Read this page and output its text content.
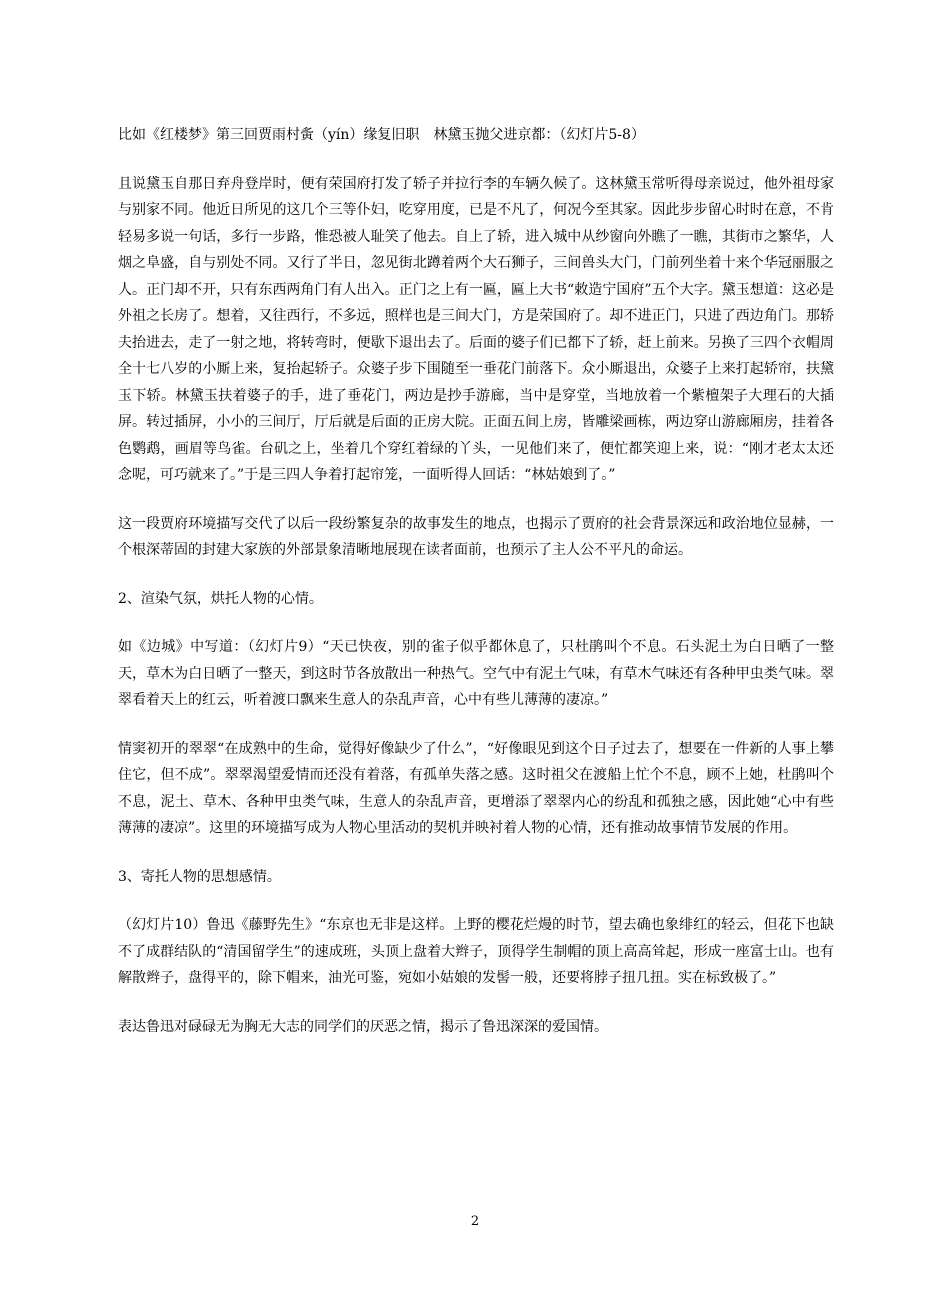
比如《红楼梦》第三回贾雨村夤（yín）缘复旧职　林黛玉抛父进京都：（幻灯片5-8）

且说黛玉自那日弃舟登岸时，便有荣国府打发了轿子并拉行李的车辆久候了。这林黛玉常听得母亲说过，他外祖母家与别家不同。他近日所见的这几个三等仆妇，吃穿用度，已是不凡了，何况今至其家。因此步步留心时时在意，不肯轻易多说一句话，多行一步路，惟恐被人耻笑了他去。自上了轿，进入城中从纱窗向外瞧了一瞧，其街市之繁华，人烟之阜盛，自与别处不同。又行了半日，忽见街北蹲着两个大石狮子，三间兽头大门，门前列坐着十来个华冠丽服之人。正门却不开，只有东西两角门有人出入。正门之上有一匾，匾上大书“敕造宁国府”五个大字。黛玉想道：这必是外祖之长房了。想着，又往西行，不多远，照样也是三间大门，方是荣国府了。却不进正门，只进了西边角门。那轿夫抬进去，走了一射之地，将转弯时，便歇下退出去了。后面的婆子们已都下了轿，赶上前来。另换了三四个衣帽周全十七八岁的小厮上来，复抬起轿子。众婆子步下围随至一垂花门前落下。众小厮退出，众婆子上来打起轿帘，扶黛玉下轿。林黛玉扶着婆子的手，进了垂花门，两边是抄手游廊，当中是穿堂，当地放着一个紫檀架子大理石的大插屏。转过插屏，小小的三间厅，厅后就是后面的正房大院。正面五间上房，皆雕梁画栋，两边穿山游廊厢房，挂着各色鹦鹉，画眉等鸟雀。台矶之上，坐着几个穿红着绿的丫头，一见他们来了，便忙都笑迎上来，说：“刚才老太太还念呢，可巧就来了。”于是三四人争着打起帘笼，一面听得人回话：“林姑娘到了。”

这一段贾府环境描写交代了以后一段纷繁复杂的故事发生的地点，也揭示了贾府的社会背景深远和政治地位显赫，一个根深蒂固的封建大家族的外部景象清晰地展现在读者面前，也预示了主人公不平凡的命运。

2、渲染气氛，烘托人物的心情。

如《边城》中写道：（幻灯片9）“天已快夜，别的雀子似乎都休息了，只杜鹃叫个不息。石头泥土为白日晒了一整天，草木为白日晒了一整天，到这时节各放散出一种热气。空气中有泥土气味，有草木气味还有各种甲虫类气味。翠翠看着天上的红云，听着渡口飘来生意人的杂乱声音，心中有些儿薄薄的凄凉。”

情窦初开的翠翠“在成熟中的生命，觉得好像缺少了什么”，“好像眼见到这个日子过去了，想要在一件新的人事上攀住它，但不成”。翠翠渴望爱情而还没有着落，有孤单失落之感。这时祖父在渡船上忙个不息，顾不上她，杜鹃叫个不息，泥土、草木、各种甲虫类气味，生意人的杂乱声音，更增添了翠翠内心的纷乱和孤独之感，因此她“心中有些薄薄的凄凉”。这里的环境描写成为人物心里活动的契机并映衬着人物的心情，还有推动故事情节发展的作用。

3、寄托人物的思想感情。

（幻灯片10）鲁迅《藤野先生》“东京也无非是这样。上野的樱花烂熳的时节，望去确也象绯红的轻云，但花下也缺不了成群结队的“清国留学生”的速成班，头顶上盘着大辫子，顶得学生制帽的顶上高高耸起，形成一座富士山。也有解散辫子，盘得平的，除下帽来，油光可鉴，宛如小姑娘的发髻一般，还要将脖子扭几扭。实在标致极了。”

表达鲁迅对碌碌无为胸无大志的同学们的厌恶之情，揭示了鲁迅深深的爱国情。

2
